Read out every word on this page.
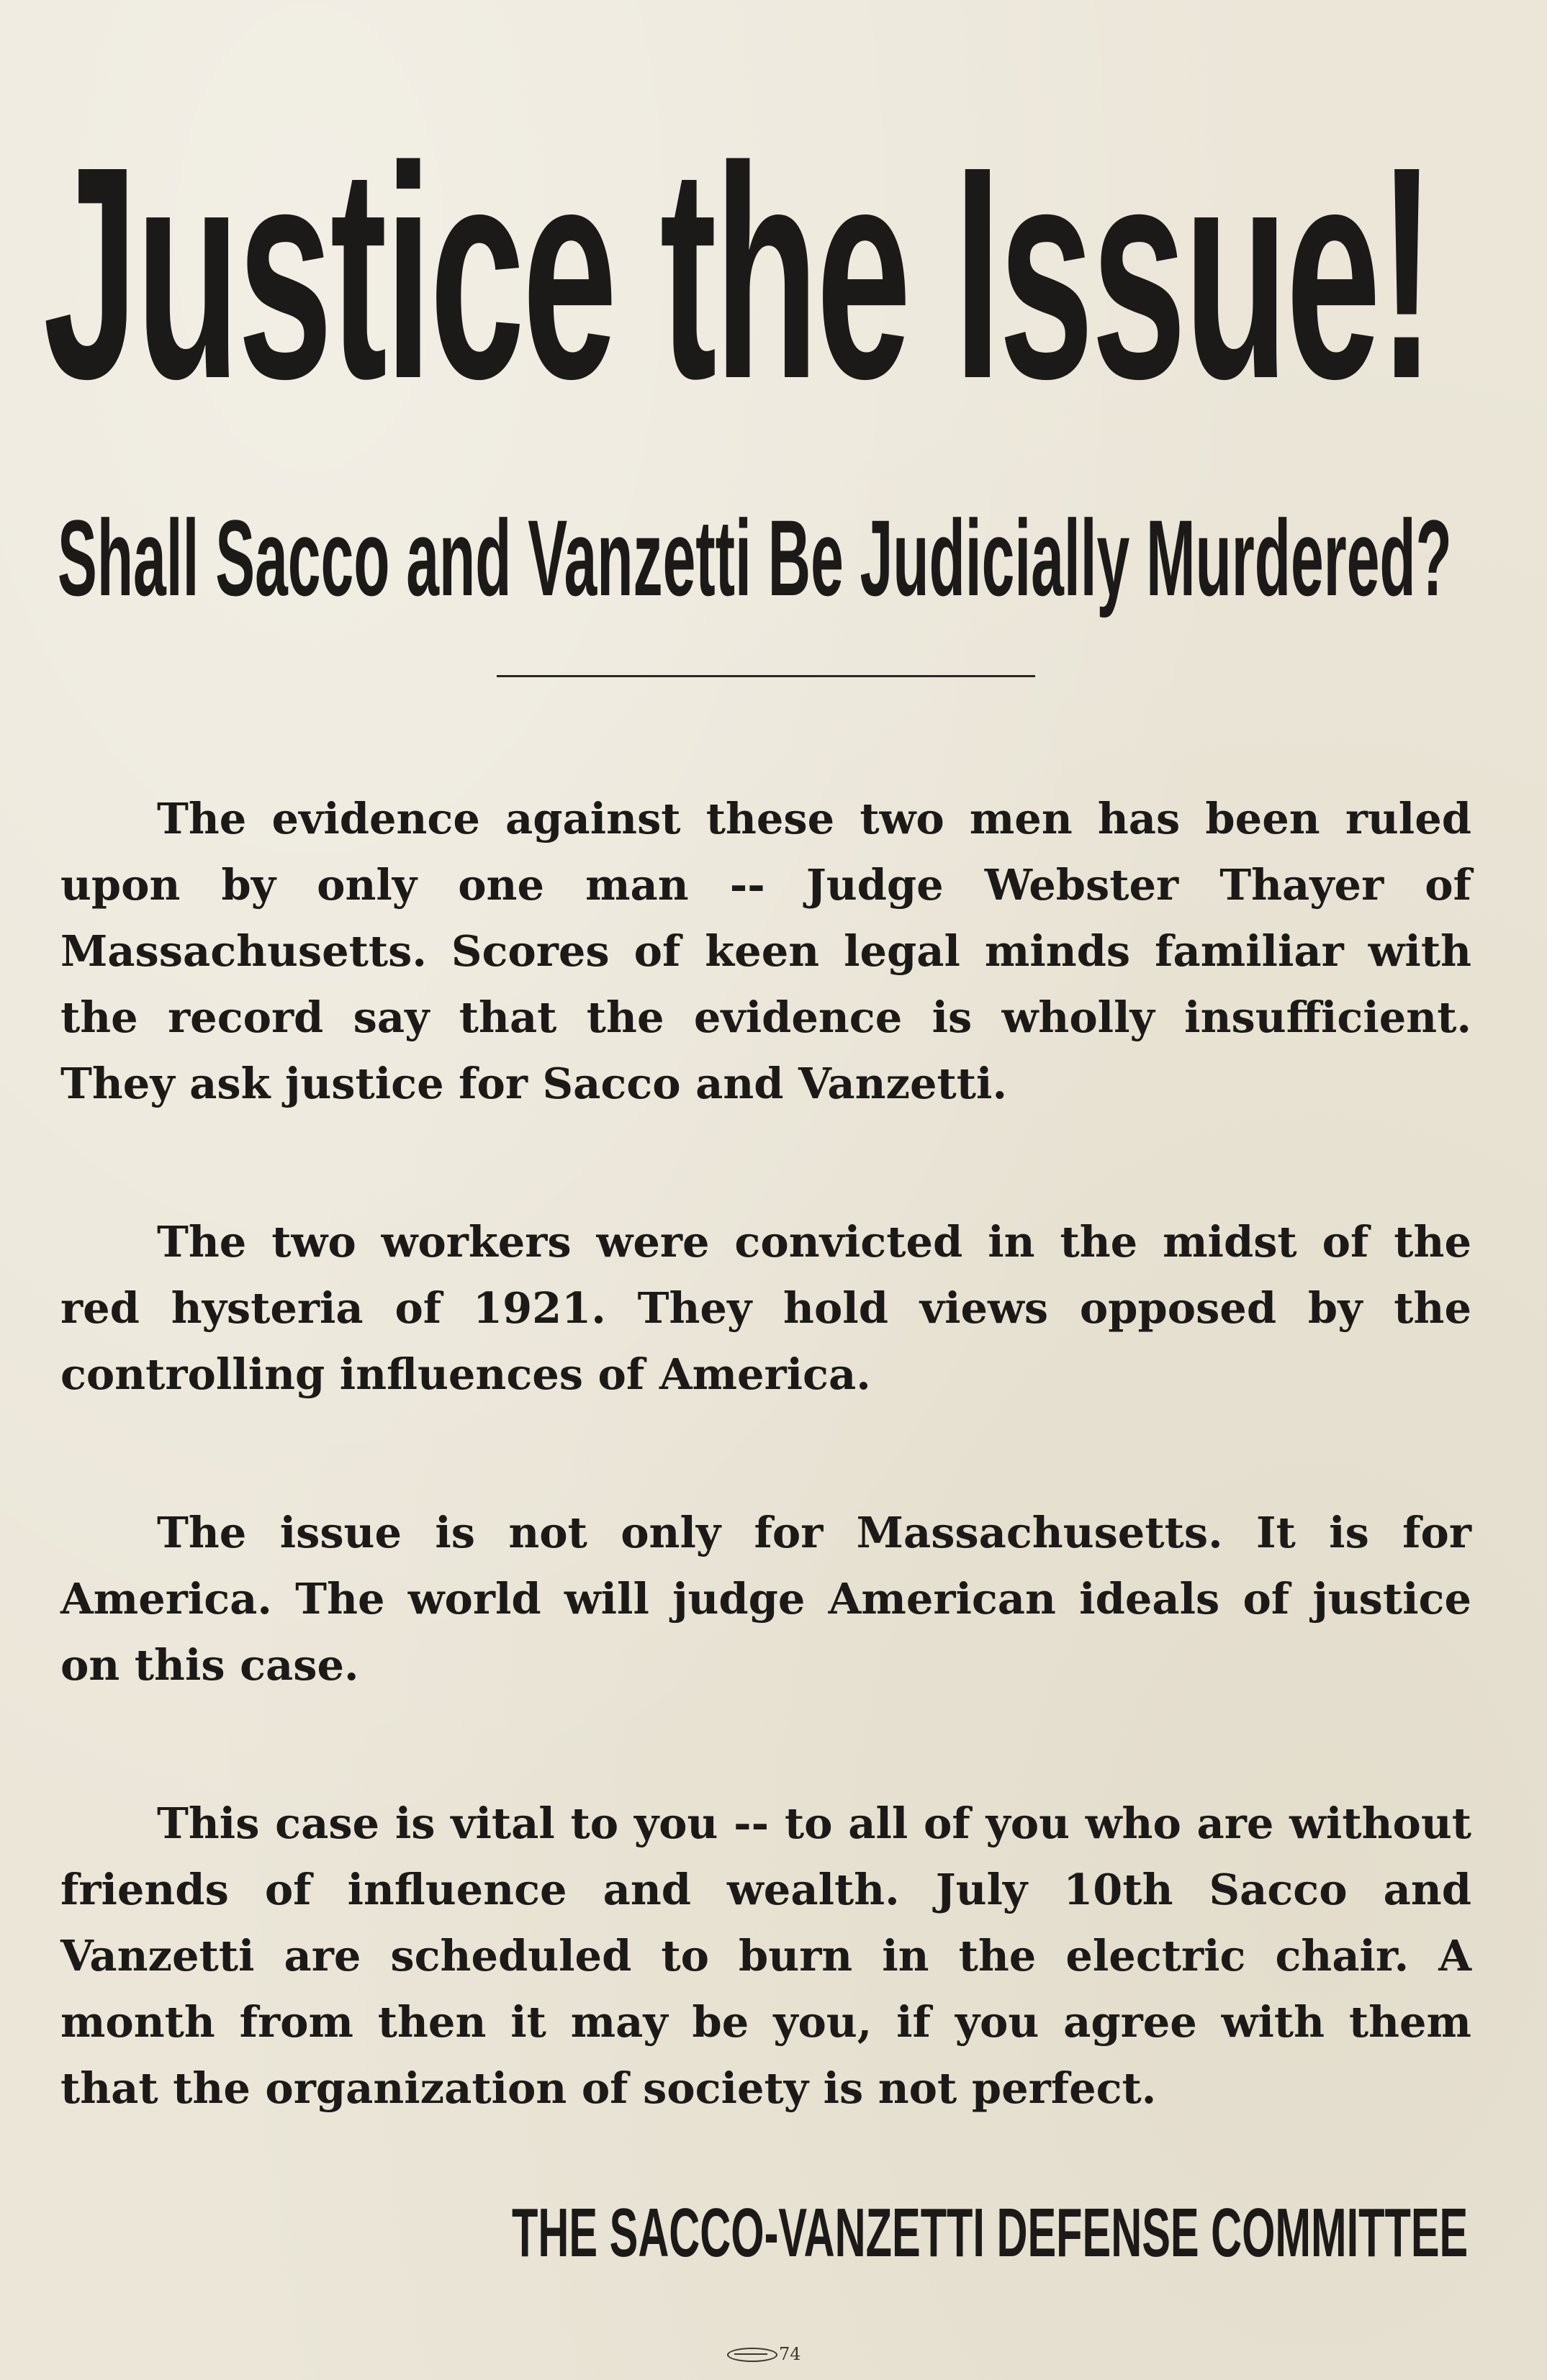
Justice the Issue!
Shall Sacco and Vanzetti Be Judicially Murdered?

The evidence against these two men has been ruled upon by only one man -- Judge Webster Thayer of Massachusetts. Scores of keen legal minds familiar with the record say that the evidence is wholly insufficient. They ask justice for Sacco and Vanzetti.

The two workers were convicted in the midst of the red hysteria of 1921. They hold views opposed by the controlling influences of America.

The issue is not only for Massachusetts. It is for America. The world will judge American ideals of justice on this case.

This case is vital to you -- to all of you who are without friends of influence and wealth. July 10th Sacco and Vanzetti are scheduled to burn in the electric chair. A month from then it may be you, if you agree with them that the organization of society is not perfect.

THE SACCO-VANZETTI DEFENSE COMMITTEE

74
